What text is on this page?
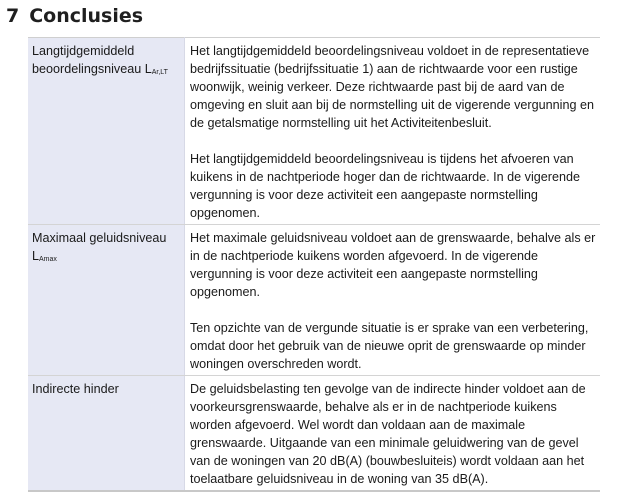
7 Conclusies
Langtijdgemiddeld beoordelingsniveau $L_{Ar,LT}$	Het langtijdgemiddeld beoordelingsniveau voldoet in de representatieve bedrijfssituatie (bedrijfssituatie 1) aan de richtwaarde voor een rustige woonwijk, weinig verkeer. Deze richtwaarde past bij de aard van de omgeving en sluit aan bij de normstelling uit de vigerende vergunning en de getalsmatige normstelling uit het Activiteitenbesluit.

Het langtijdgemiddeld beoordelingsniveau is tijdens het afvoeren van kuikens in de nachtperiode hoger dan de richtwaarde. In de vigerende vergunning is voor deze activiteit een aangepaste normstelling opgenomen.

Maximaal geluidsniveau $L_{Amax}$	Het maximale geluidsniveau voldoet aan de grenswaarde, behalve als er in de nachtperiode kuikens worden afgevoerd. In de vigerende vergunning is voor deze activiteit een aangepaste normstelling opgenomen.

Ten opzichte van de vergunde situatie is er sprake van een verbetering, omdat door het gebruik van de nieuwe oprit de grenswaarde op minder woningen overschreden wordt.

Indirecte hinder	De geluidsbelasting ten gevolge van de indirecte hinder voldoet aan de voorkeursgrenswaarde, behalve als er in de nachtperiode kuikens worden afgevoerd. Wel wordt dan voldaan aan de maximale grenswaarde. Uitgaande van een minimale geluidwering van de gevel van de woningen van 20 dB(A) (bouwbesluiteis) wordt voldaan aan het toelaatbare geluidsniveau in de woning van 35 dB(A).
